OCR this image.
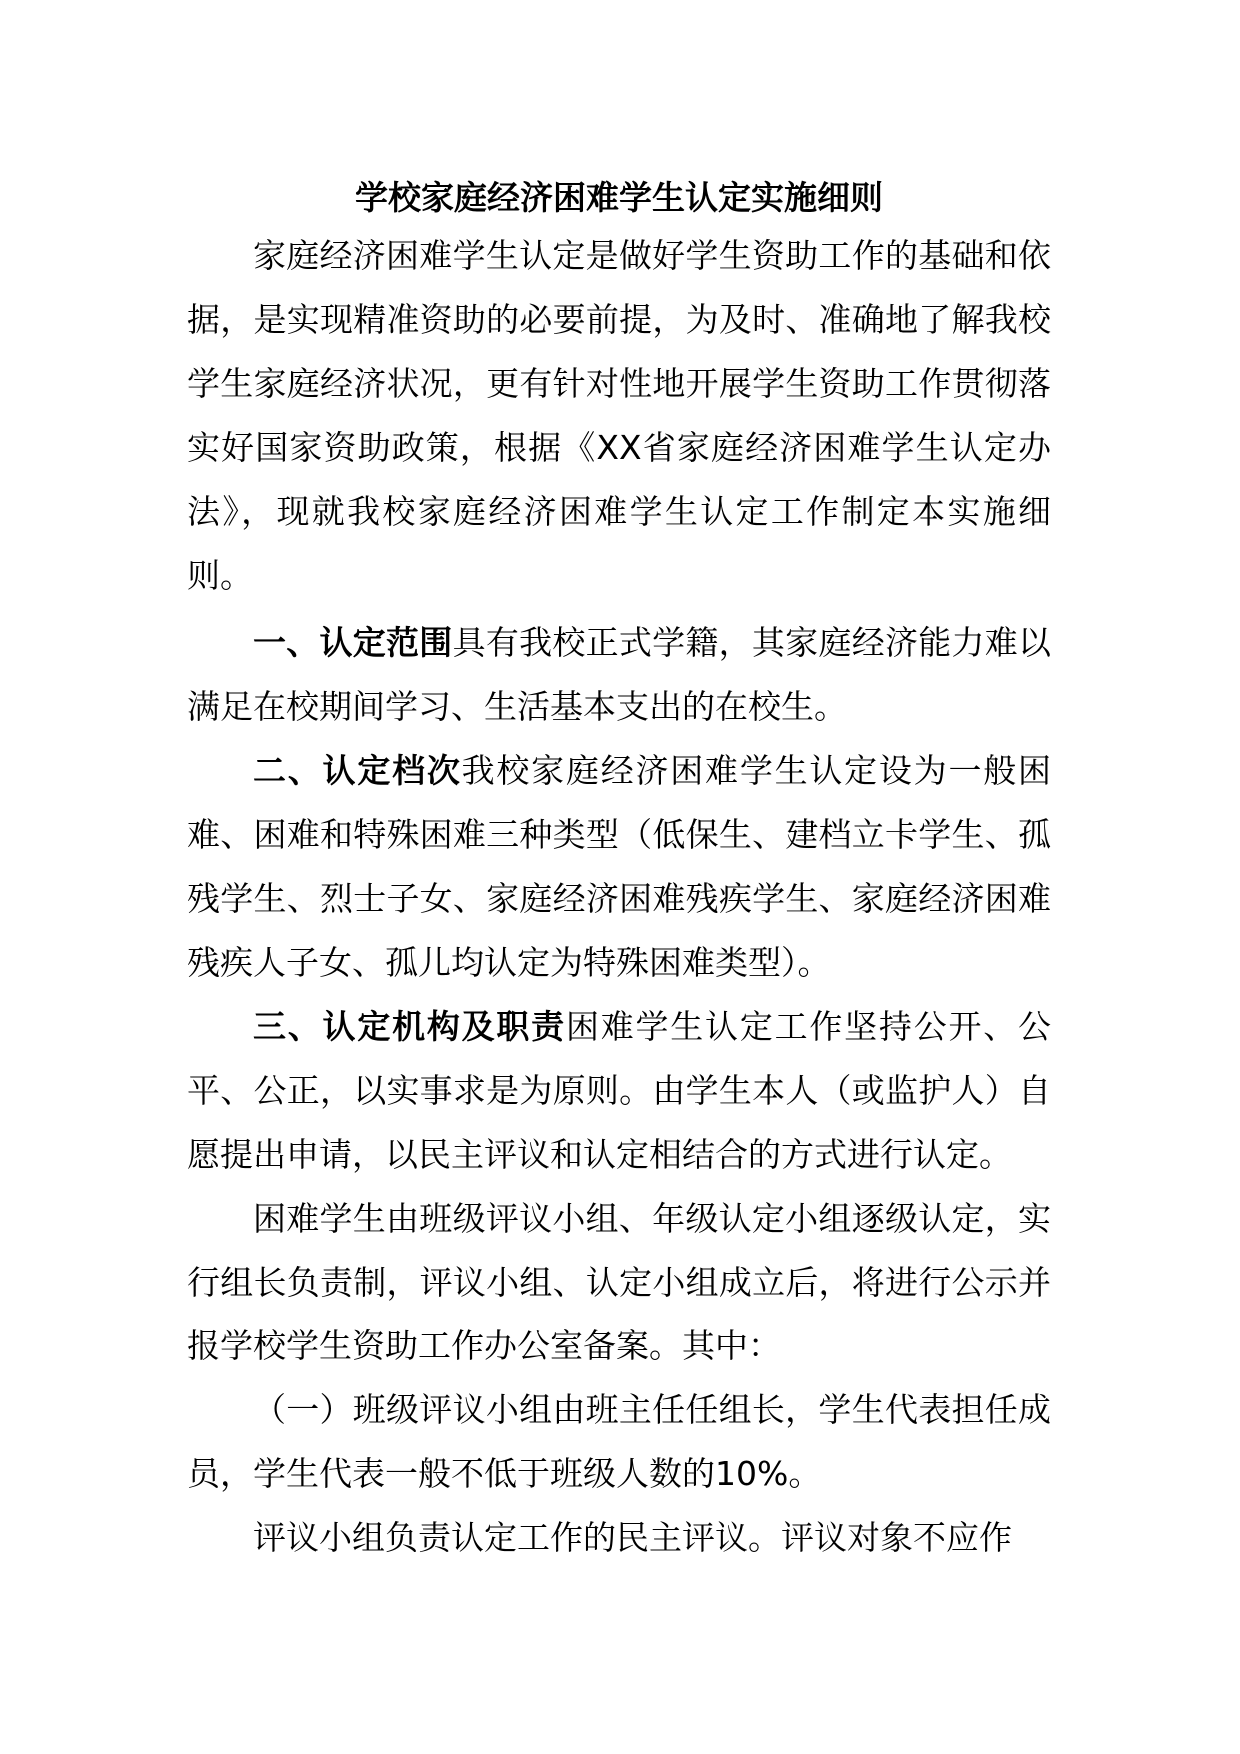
学校家庭经济困难学生认定实施细则

家庭经济困难学生认定是做好学生资助工作的基础和依据，是实现精准资助的必要前提，为及时、准确地了解我校学生家庭经济状况，更有针对性地开展学生资助工作贯彻落实好国家资助政策，根据《XX省家庭经济困难学生认定办法》，现就我校家庭经济困难学生认定工作制定本实施细则。

一、认定范围具有我校正式学籍，其家庭经济能力难以满足在校期间学习、生活基本支出的在校生。

二、认定档次我校家庭经济困难学生认定设为一般困难、困难和特殊困难三种类型（低保生、建档立卡学生、孤残学生、烈士子女、家庭经济困难残疾学生、家庭经济困难残疾人子女、孤儿均认定为特殊困难类型）。

三、认定机构及职责困难学生认定工作坚持公开、公平、公正，以实事求是为原则。由学生本人（或监护人）自愿提出申请，以民主评议和认定相结合的方式进行认定。

困难学生由班级评议小组、年级认定小组逐级认定，实行组长负责制，评议小组、认定小组成立后，将进行公示并报学校学生资助工作办公室备案。其中：

（一）班级评议小组由班主任任组长，学生代表担任成员，学生代表一般不低于班级人数的10%。

评议小组负责认定工作的民主评议。评议对象不应作
